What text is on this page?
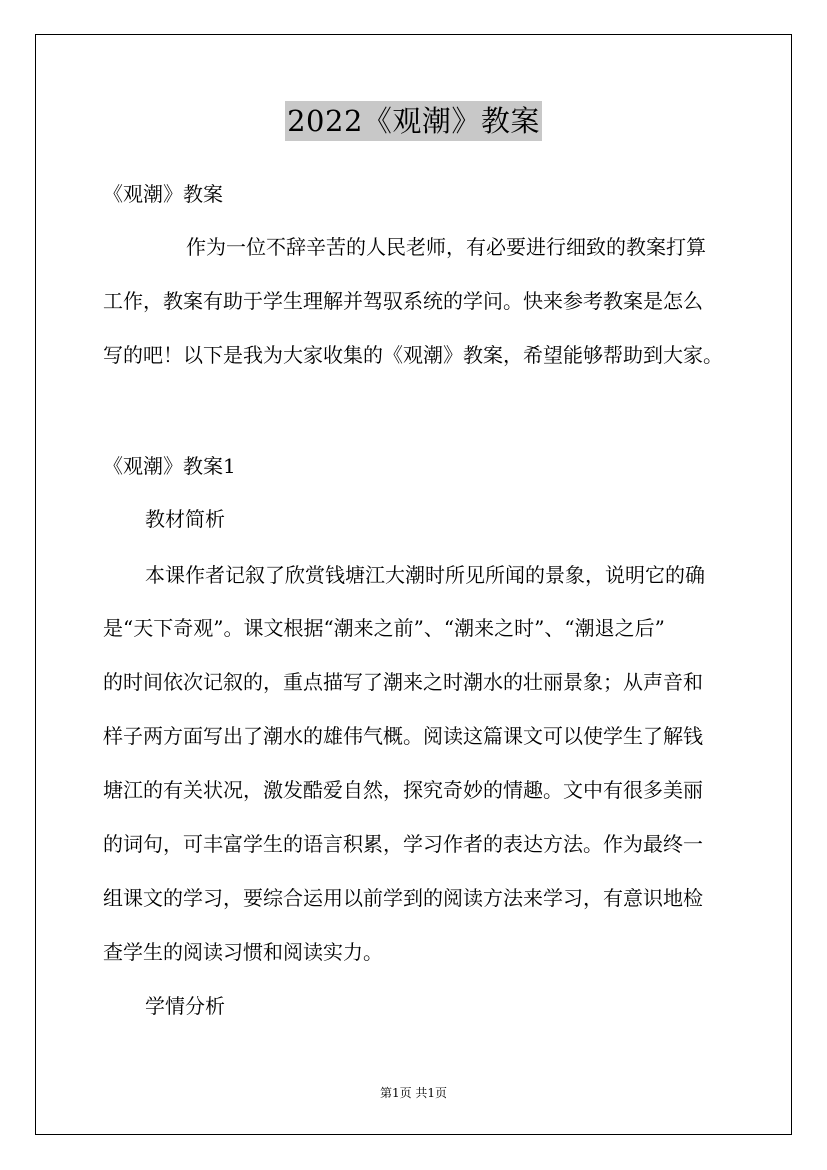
2022《观潮》教案
《观潮》教案
作为一位不辞辛苦的人民老师，有必要进行细致的教案打算
工作，教案有助于学生理解并驾驭系统的学问。快来参考教案是怎么
写的吧！以下是我为大家收集的《观潮》教案，希望能够帮助到大家。
《观潮》教案1
教材简析
本课作者记叙了欣赏钱塘江大潮时所见所闻的景象，说明它的确
是“天下奇观”。课文根据“潮来之前”、“潮来之时”、“潮退之后”
的时间依次记叙的，重点描写了潮来之时潮水的壮丽景象；从声音和
样子两方面写出了潮水的雄伟气概。阅读这篇课文可以使学生了解钱
塘江的有关状况，激发酷爱自然，探究奇妙的情趣。文中有很多美丽
的词句，可丰富学生的语言积累，学习作者的表达方法。作为最终一
组课文的学习，要综合运用以前学到的阅读方法来学习，有意识地检
查学生的阅读习惯和阅读实力。
学情分析
第1页 共1页
